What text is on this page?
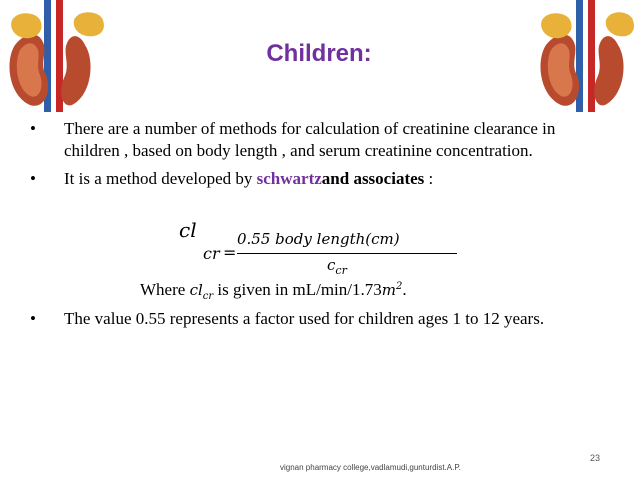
Children:
• There are a number of methods for calculation of creatinine clearance in children , based on body length , and serum creatinine concentration.
• It is a method developed by schwartzand associates :
cl
cr =
0.55 body length(cm)
$c_{cr}$
Where $cl_{cr}$ is given in $mL/\min/1.73m^2$.
• The value 0.55 represents a factor used for children ages 1 to 12 years.
23
vignan pharmacy college,vadlamudi,gunturdist.A.P.
